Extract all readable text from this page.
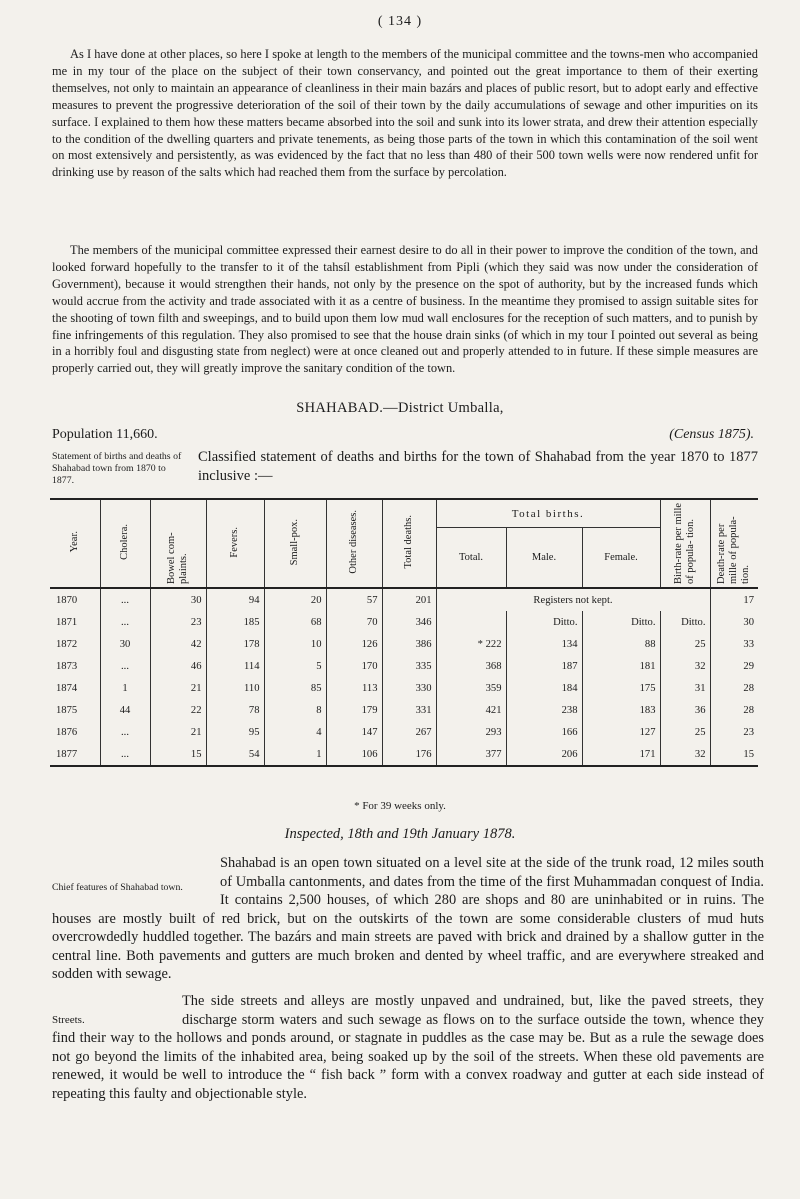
( 134 )

As I have done at other places, so here I spoke at length to the members of the municipal committee and the towns-men who accompanied me in my tour of the place on the subject of their town conservancy, and pointed out the great importance to them of their exerting themselves, not only to maintain an appearance of cleanliness in their main bazárs and places of public resort, but to adopt early and effective measures to prevent the progressive deterioration of the soil of their town by the daily accumulations of sewage and other impurities on its surface. I explained to them how these matters became absorbed into the soil and sunk into its lower strata, and drew their attention especially to the condition of the dwelling quarters and private tenements, as being those parts of the town in which this contamination of the soil went on most extensively and persistently, as was evidenced by the fact that no less than 480 of their 500 town wells were now rendered unfit for drinking use by reason of the salts which had reached them from the surface by percolation.

The members of the municipal committee expressed their earnest desire to do all in their power to improve the condition of the town, and looked forward hopefully to the transfer to it of the tahsíl establishment from Pipli (which they said was now under the consideration of Government), because it would strengthen their hands, not only by the presence on the spot of authority, but by the increased funds which would accrue from the activity and trade associated with it as a centre of business. In the meantime they promised to assign suitable sites for the shooting of town filth and sweepings, and to build upon them low mud wall enclosures for the reception of such matters, and to punish by fine infringements of this regulation. They also promised to see that the house drain sinks (of which in my tour I pointed out several as being in a horribly foul and disgusting state from neglect) were at once cleaned out and properly attended to in future. If these simple measures are properly carried out, they will greatly improve the sanitary condition of the town.

SHAHABAD.—District Umballa,
Population 11,660.	(Census 1875).
Statement of births and deaths of Shahabad town from 1870 to 1877.
Classified statement of deaths and births for the town of Shahabad from the year 1870 to 1877 inclusive :—
Year.	Cholera.	Bowel com- plaints.	Fevers.	Small-pox.	Other diseases.	Total deaths.	Total births.			Birth-rate per mille of popula- tion.	Death-rate per mille of popula- tion.
							Total.	Male.	Female.		
1870	...	30	94	20	57	201	Registers not kept.				17
1871	...	23	185	68	70	346		Ditto.	Ditto.	Ditto.	30
1872	30	42	178	10	126	386	* 222	134	88	25	33
1873	...	46	114	5	170	335	368	187	181	32	29
1874	1	21	110	85	113	330	359	184	175	31	28
1875	44	22	78	8	179	331	421	238	183	36	28
1876	...	21	95	4	147	267	293	166	127	25	23
1877	...	15	54	1	106	176	377	206	171	32	15
* For 39 weeks only.
Inspected, 18th and 19th January 1878.
Chief features of Shahabad town.
Shahabad is an open town situated on a level site at the side of the trunk road, 12 miles south of Umballa cantonments, and dates from the time of the first Muhammadan conquest of India. It contains 2,500 houses, of which 280 are shops and 80 are uninhabited or in ruins. The houses are mostly built of red brick, but on the outskirts of the town are some considerable clusters of mud huts overcrowdedly huddled together. The bazárs and main streets are paved with brick and drained by a shallow gutter in the central line. Both pavements and gutters are much broken and dented by wheel traffic, and are everywhere streaked and sodden with sewage.
Streets.
The side streets and alleys are mostly unpaved and undrained, but, like the paved streets, they discharge storm waters and such sewage as flows on to the surface outside the town, whence they find their way to the hollows and ponds around, or stagnate in puddles as the case may be. But as a rule the sewage does not go beyond the limits of the inhabited area, being soaked up by the soil of the streets. When these old pavements are renewed, it would be well to introduce the “ fish back ” form with a convex roadway and gutter at each side instead of repeating this faulty and objectionable style.
